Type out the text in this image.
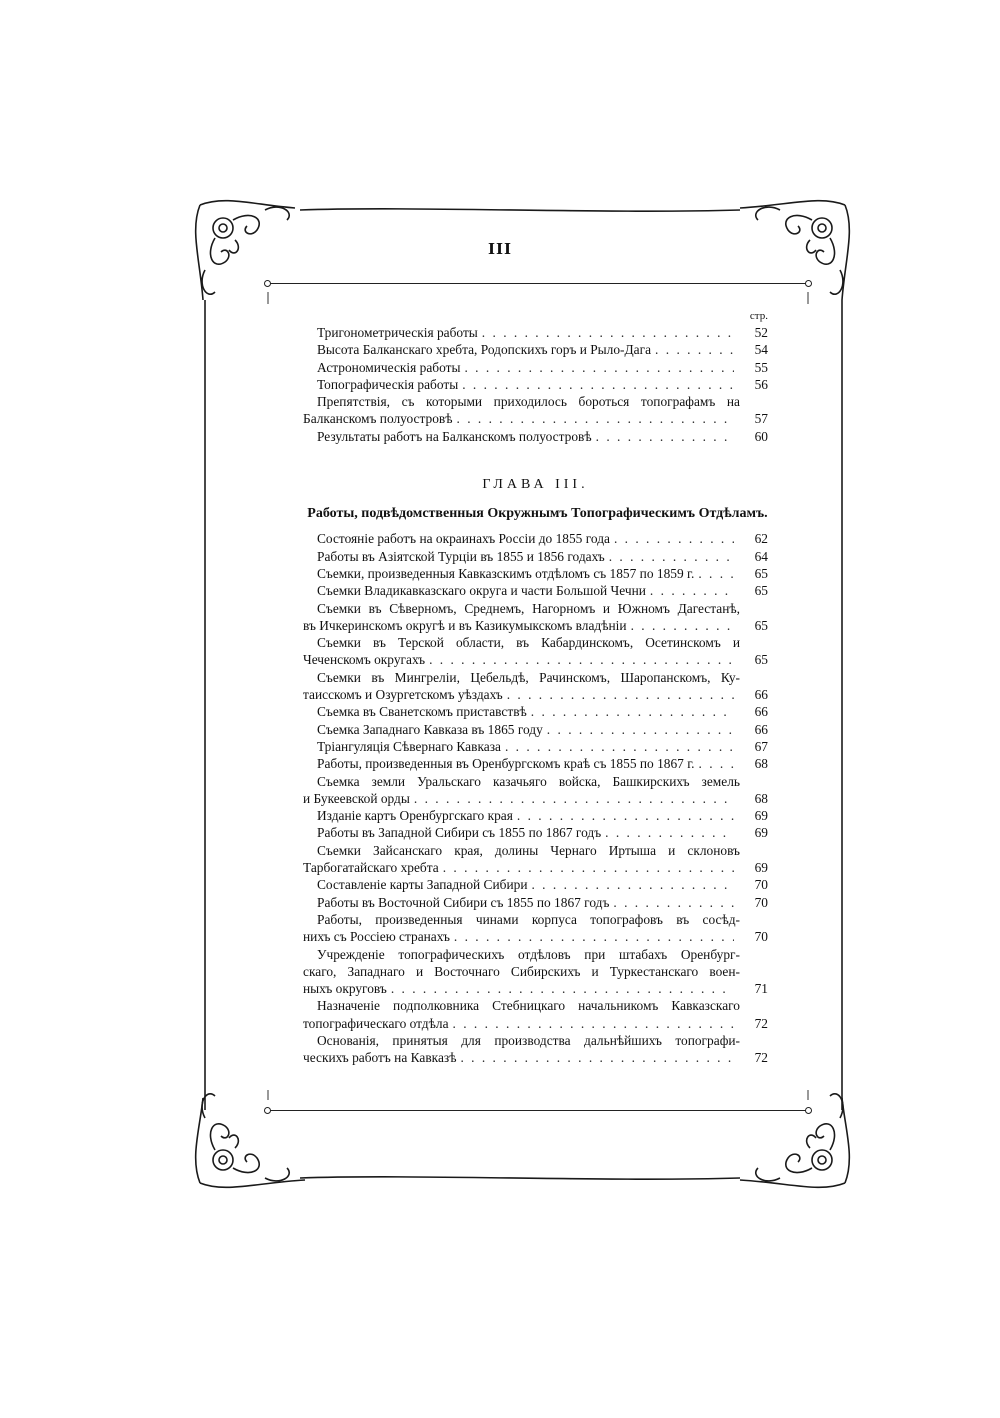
III
стр.
Тригонометрическія работы . . .	52
Высота Балканскаго хребта, Родопскихъ горъ и Рыло-Дага . . .	54
Астрономическія работы . . .	55
Топографическія работы . . .	56
Препятствія, съ которыми приходилось бороться топографамъ на
Балканскомъ полуостровѣ . . .	57
Результаты работъ на Балканскомъ полуостровѣ . . .	60
ГЛАВА III.
Работы, подвѣдомственныя Окружнымъ Топографическимъ Отдѣламъ.
Состояніе работъ на окраинахъ Россіи до 1855 года . . .	62
Работы въ Азіятской Турціи въ 1855 и 1856 годахъ . . .	64
Съемки, произведенныя Кавказскимъ отдѣломъ съ 1857 по 1859 г. . . .	65
Съемки Владикавказскаго округа и части Большой Чечни . . .	65
Съемки въ Сѣверномъ, Среднемъ, Нагорномъ и Южномъ Дагестанѣ,
въ Ичкеринскомъ округѣ и въ Казикумыкскомъ владѣніи . . .	65
Съемки въ Терской области, въ Кабардинскомъ, Осетинскомъ и
Чеченскомъ округахъ . . .	65
Съемки въ Мингреліи, Цебельдѣ, Рачинскомъ, Шаропанскомъ, Ку-
таисскомъ и Озургетскомъ уѣздахъ . . .	66
Съемка въ Сванетскомъ приставствѣ . . .	66
Съемка Западнаго Кавказа въ 1865 году . . .	66
Тріангуляція Сѣвернаго Кавказа . . .	67
Работы, произведенныя въ Оренбургскомъ краѣ съ 1855 по 1867 г. . . .	68
Съемка земли Уральскаго казачьяго войска, Башкирскихъ земель
и Букеевской орды . . .	68
Изданіе картъ Оренбургскаго края . . .	69
Работы въ Западной Сибири съ 1855 по 1867 годъ . . .	69
Съемки Зайсанскаго края, долины Чернаго Иртыша и склоновъ
Тарбогатайскаго хребта . . .	69
Составленіе карты Западной Сибири . . .	70
Работы въ Восточной Сибири съ 1855 по 1867 годъ . . .	70
Работы, произведенныя чинами корпуса топографовъ въ сосѣд-
нихъ съ Россіею странахъ . . .	70
Учрежденіе топографическихъ отдѣловъ при штабахъ Оренбург-
скаго, Западнаго и Восточнаго Сибирскихъ и Туркестанскаго воен-
ныхъ округовъ . . .	71
Назначеніе подполковника Стебницкаго начальникомъ Кавказскаго
топографическаго отдѣла . . .	72
Основанія, принятыя для производства дальнѣйшихъ топографи-
ческихъ работъ на Кавказѣ . . .	72
